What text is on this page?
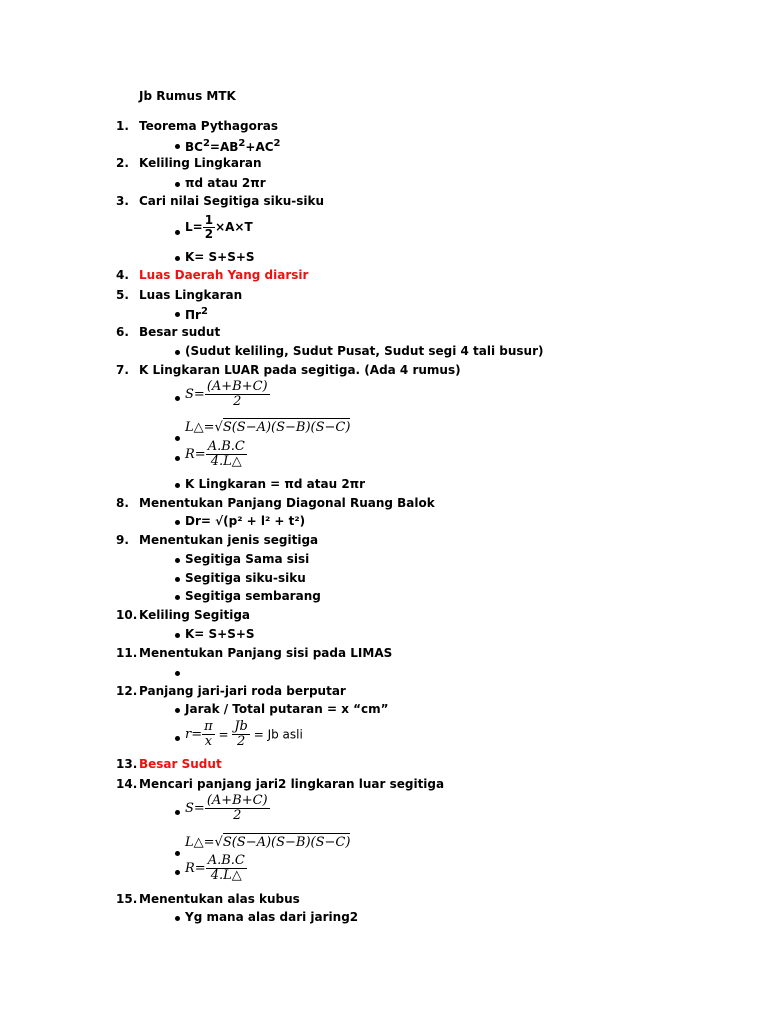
Jb Rumus MTK
1. Teorema Pythagoras
$BC^2=AB^2+AC^2$
2. Keliling Lingkaran
πd atau 2πr
3. Cari nilai Segitiga siku-siku
$L= \frac{1}{2} \times A\times T$
K= S+S+S
4. Luas Daerah Yang diarsir
5. Luas Lingkaran
$\Pi r^2$
6. Besar sudut
(Sudut keliling, Sudut Pusat, Sudut segi 4 tali busur)
7. K Lingkaran LUAR pada segitiga. (Ada 4 rumus)
$S= \frac{(A+B+C)}{2}$
L△=√S(S−A)(S−B)(S−C)
$R= \frac{A.B.C}{4.L\triangle}$
K Lingkaran = πd atau 2πr
8. Menentukan Panjang Diagonal Ruang Balok
Dr= √(p² + l² + t²)
9. Menentukan jenis segitiga
Segitiga Sama sisi
Segitiga siku-siku
Segitiga sembarang
10. Keliling Segitiga
K= S+S+S
11. Menentukan Panjang sisi pada LIMAS
12. Panjang jari-jari roda berputar
Jarak / Total putaran = x “cm”
$r= \frac{\pi}{x} = \frac{Jb}{2} = Jb$ asli
13. Besar Sudut
14. Mencari panjang jari2 lingkaran luar segitiga
$S= \frac{(A+B+C)}{2}$
L△=√S(S−A)(S−B)(S−C)
$R= \frac{A.B.C}{4.L\triangle}$
15. Menentukan alas kubus
Yg mana alas dari jaring2
